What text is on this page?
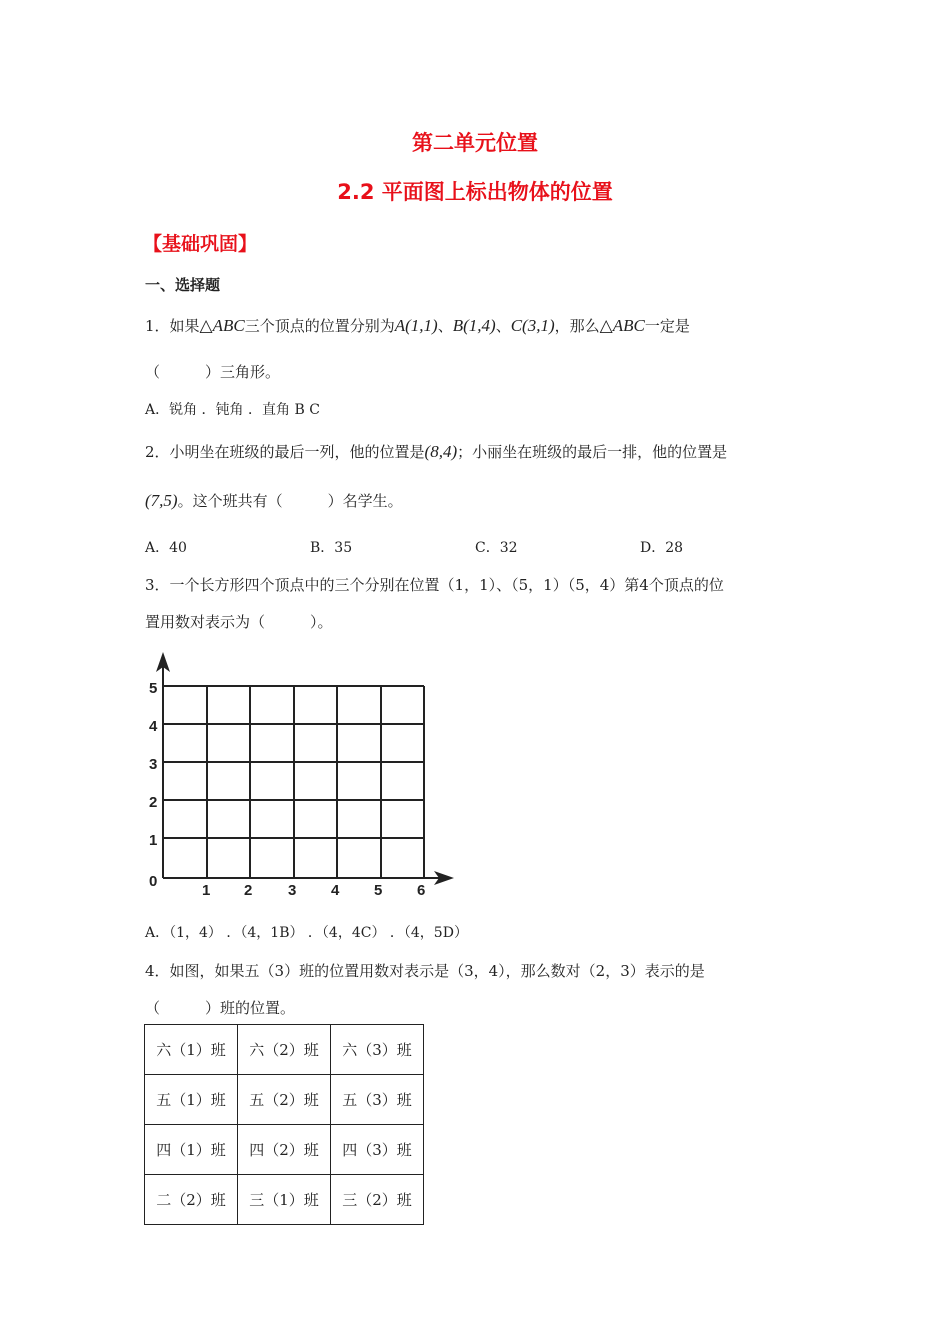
第二单元位置
2.2 平面图上标出物体的位置
【基础巩固】
一、选择题
1．如果△ABC三个顶点的位置分别为A(1,1)、B(1,4)、C(3,1)，那么△ABC一定是
（　　　）三角形。
A．锐角 ．钝角 ．直角 B C
2．小明坐在班级的最后一列，他的位置是(8,4)；小丽坐在班级的最后一排，他的位置是
(7,5)。这个班共有（　　　）名学生。
A．40	B．35	C．32	D．28
3．一个长方形四个顶点中的三个分别在位置（1，1）、（5，1）（5，4）第4个顶点的位
置用数对表示为（　　　）。
0
1
2
3
4
5
1 2 3 4 5 6
A．（1，4） ．（4，1B） ．（4，4C） ．（4，5D）
4．如图，如果五（3）班的位置用数对表示是（3，4），那么数对（2，3）表示的是
（　　　）班的位置。
六（1）班	六（2）班	六（3）班
五（1）班	五（2）班	五（3）班
四（1）班	四（2）班	四（3）班
二（2）班	三（1）班	三（2）班
